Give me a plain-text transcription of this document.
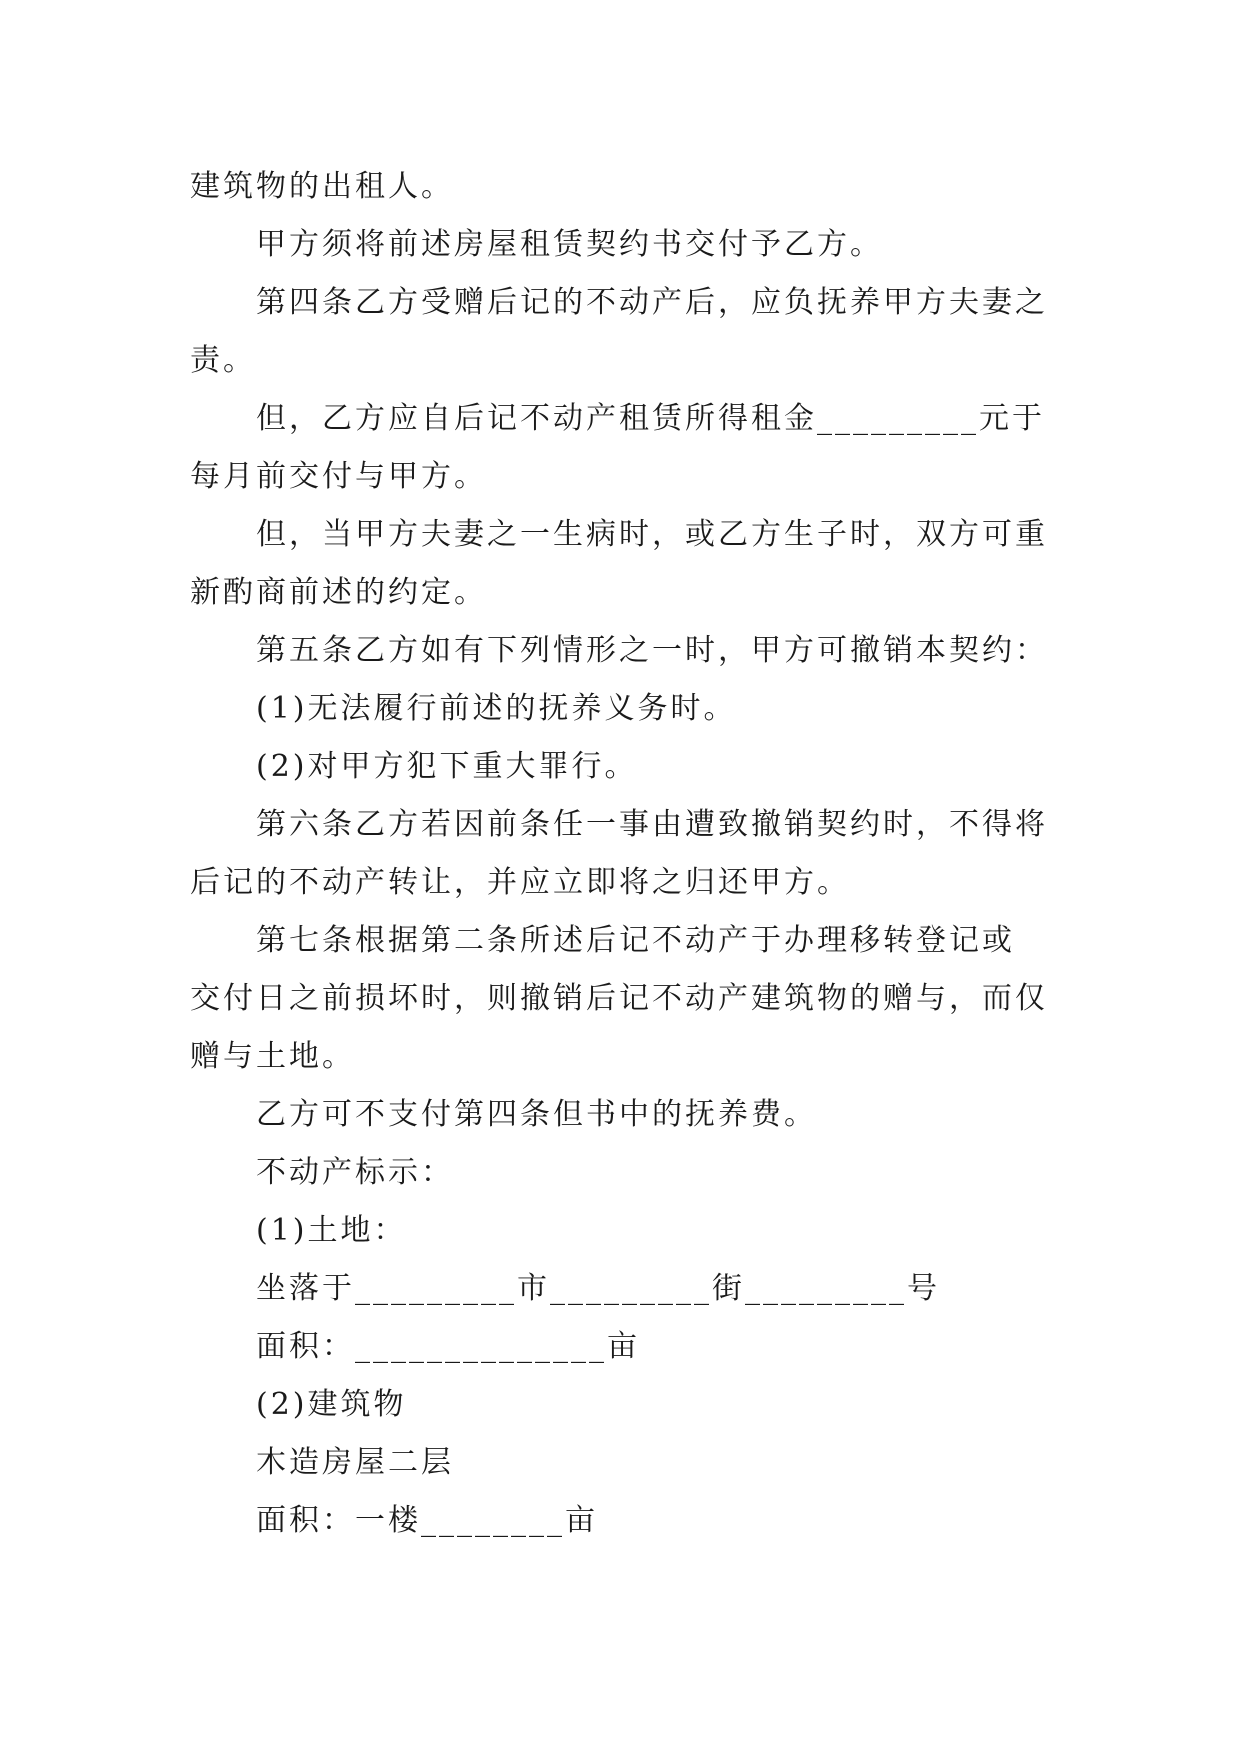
建筑物的出租人。

甲方须将前述房屋租赁契约书交付予乙方。

第四条乙方受赠后记的不动产后，应负抚养甲方夫妻之

责。

但，乙方应自后记不动产租赁所得租金_________元于

每月前交付与甲方。

但，当甲方夫妻之一生病时，或乙方生子时，双方可重

新酌商前述的约定。

第五条乙方如有下列情形之一时，甲方可撤销本契约：

(1)无法履行前述的抚养义务时。

(2)对甲方犯下重大罪行。

第六条乙方若因前条任一事由遭致撤销契约时，不得将

后记的不动产转让，并应立即将之归还甲方。

第七条根据第二条所述后记不动产于办理移转登记或

交付日之前损坏时，则撤销后记不动产建筑物的赠与，而仅

赠与土地。

乙方可不支付第四条但书中的抚养费。

不动产标示：

(1)土地：

坐落于_________市_________街_________号

面积：______________亩

(2)建筑物

木造房屋二层

面积：一楼________亩
